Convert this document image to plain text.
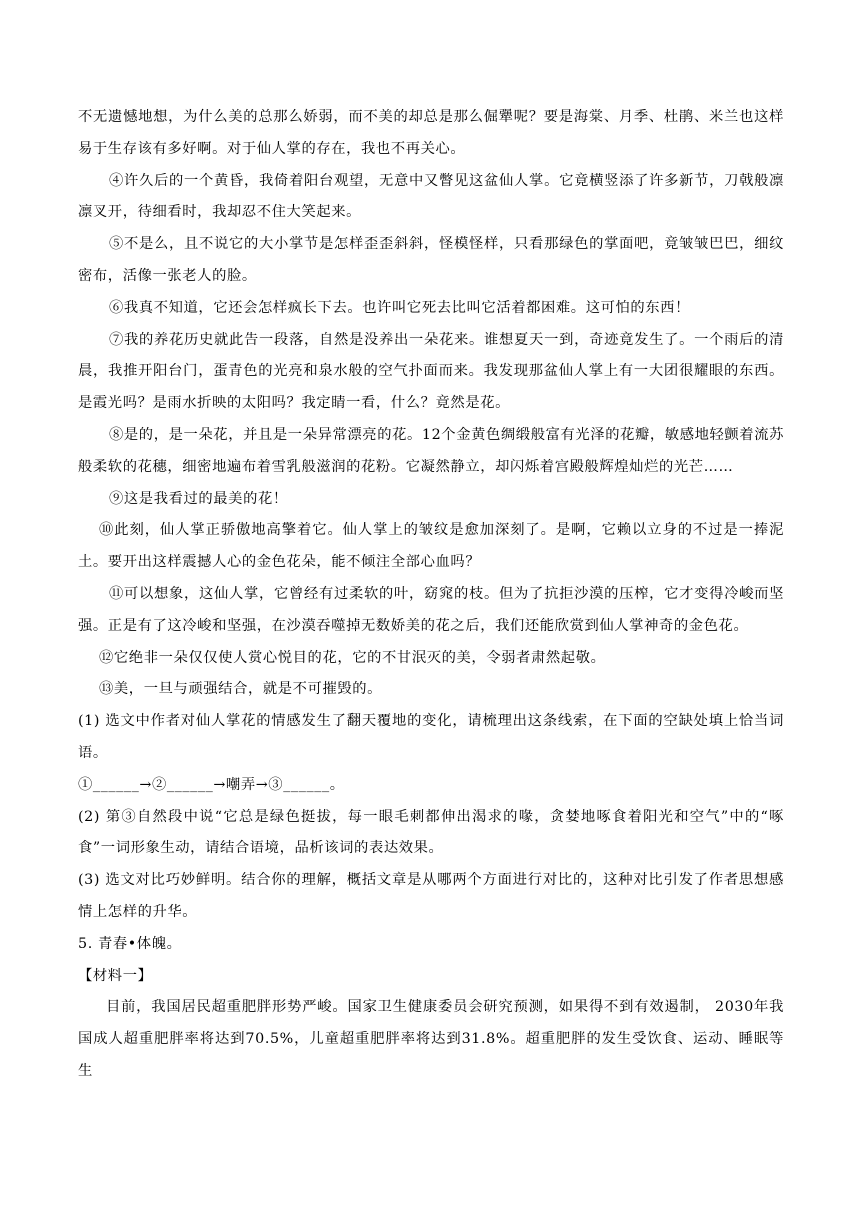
不无遗憾地想，为什么美的总那么娇弱，而不美的却总是那么倔犟呢？要是海棠、月季、杜鹃、米兰也这样易于生存该有多好啊。对于仙人掌的存在，我也不再关心。

④许久后的一个黄昏，我倚着阳台观望，无意中又瞥见这盆仙人掌。它竟横竖添了许多新节，刀戟般凛凛叉开，待细看时，我却忍不住大笑起来。

⑤不是么，且不说它的大小掌节是怎样歪歪斜斜，怪模怪样，只看那绿色的掌面吧，竟皱皱巴巴，细纹密布，活像一张老人的脸。

⑥我真不知道，它还会怎样疯长下去。也许叫它死去比叫它活着都困难。这可怕的东西！

⑦我的养花历史就此告一段落，自然是没养出一朵花来。谁想夏天一到，奇迹竟发生了。一个雨后的清晨，我推开阳台门，蛋青色的光亮和泉水般的空气扑面而来。我发现那盆仙人掌上有一大团很耀眼的东西。是霞光吗？是雨水折映的太阳吗？我定睛一看，什么？竟然是花。

⑧是的，是一朵花，并且是一朵异常漂亮的花。12个金黄色绸缎般富有光泽的花瓣，敏感地轻颤着流苏般柔软的花穗，细密地遍布着雪乳般滋润的花粉。它凝然静立，却闪烁着宫殿般辉煌灿烂的光芒……

⑨这是我看过的最美的花！

⑩此刻，仙人掌正骄傲地高擎着它。仙人掌上的皱纹是愈加深刻了。是啊，它赖以立身的不过是一捧泥土。要开出这样震撼人心的金色花朵，能不倾注全部心血吗？

⑪可以想象，这仙人掌，它曾经有过柔软的叶，窈窕的枝。但为了抗拒沙漠的压榨，它才变得冷峻而坚强。正是有了这冷峻和坚强，在沙漠吞噬掉无数娇美的花之后，我们还能欣赏到仙人掌神奇的金色花。

⑫它绝非一朵仅仅使人赏心悦目的花，它的不甘泯灭的美，令弱者肃然起敬。

⑬美，一旦与顽强结合，就是不可摧毁的。

(1) 选文中作者对仙人掌花的情感发生了翻天覆地的变化，请梳理出这条线索，在下面的空缺处填上恰当词语。

①______→②______→嘲弄→③______。

(2) 第③自然段中说“它总是绿色挺拔，每一眼毛刺都伸出渴求的喙，贪婪地啄食着阳光和空气”中的“啄食”一词形象生动，请结合语境，品析该词的表达效果。

(3) 选文对比巧妙鲜明。结合你的理解，概括文章是从哪两个方面进行对比的，这种对比引发了作者思想感情上怎样的升华。

5. 青春•体魄。

【材料一】

目前，我国居民超重肥胖形势严峻。国家卫生健康委员会研究预测，如果得不到有效遏制， 2030年我国成人超重肥胖率将达到70.5%，儿童超重肥胖率将达到31.8%。超重肥胖的发生受饮食、运动、睡眠等生
